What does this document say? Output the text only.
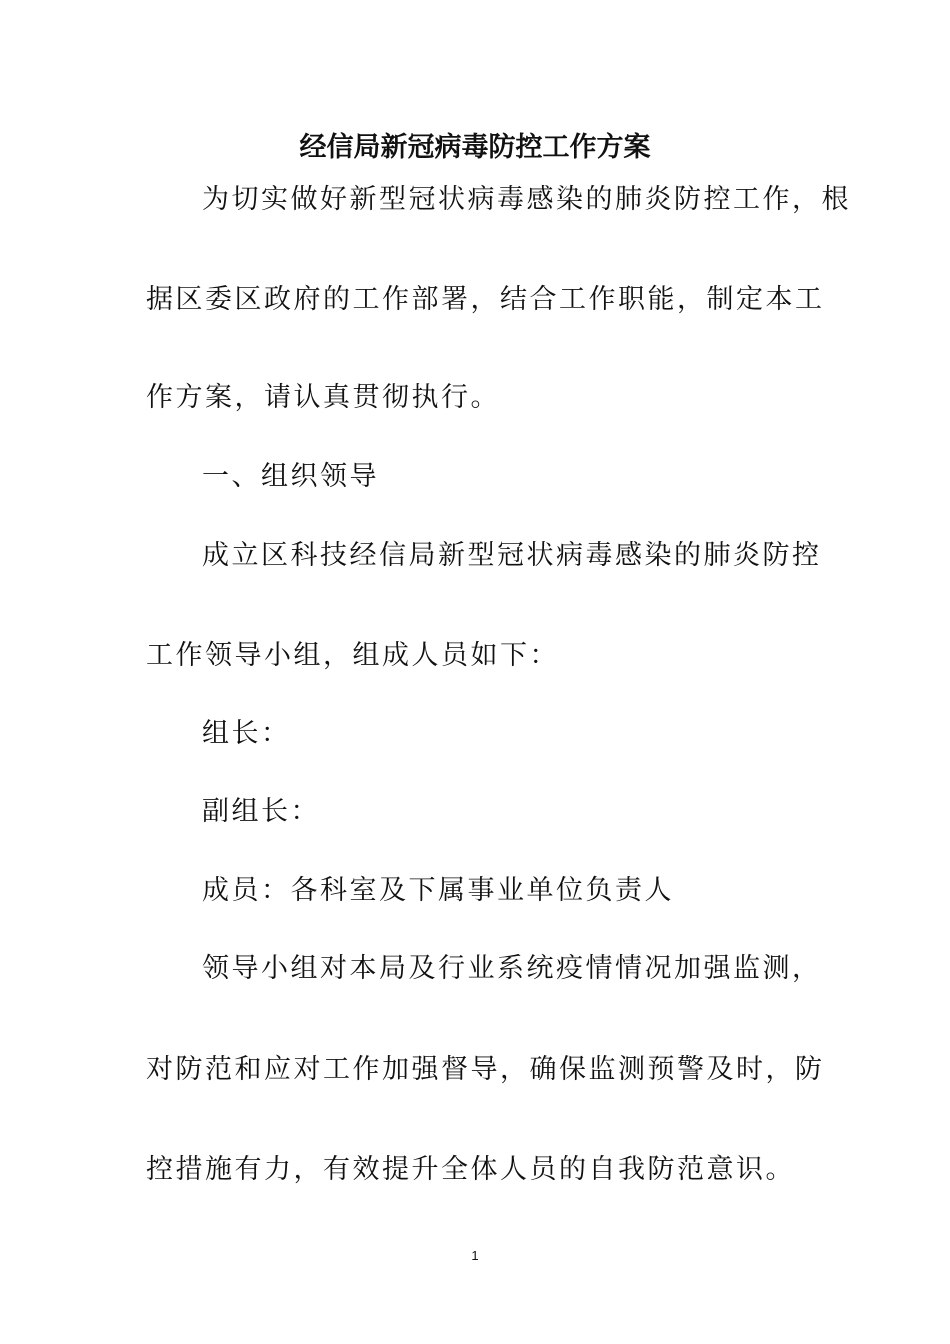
经信局新冠病毒防控工作方案
为切实做好新型冠状病毒感染的肺炎防控工作，根
据区委区政府的工作部署，结合工作职能，制定本工
作方案，请认真贯彻执行。
一、组织领导
成立区科技经信局新型冠状病毒感染的肺炎防控
工作领导小组，组成人员如下：
组长：
副组长：
成员：各科室及下属事业单位负责人
领导小组对本局及行业系统疫情情况加强监测，
对防范和应对工作加强督导，确保监测预警及时，防
控措施有力，有效提升全体人员的自我防范意识。
1
